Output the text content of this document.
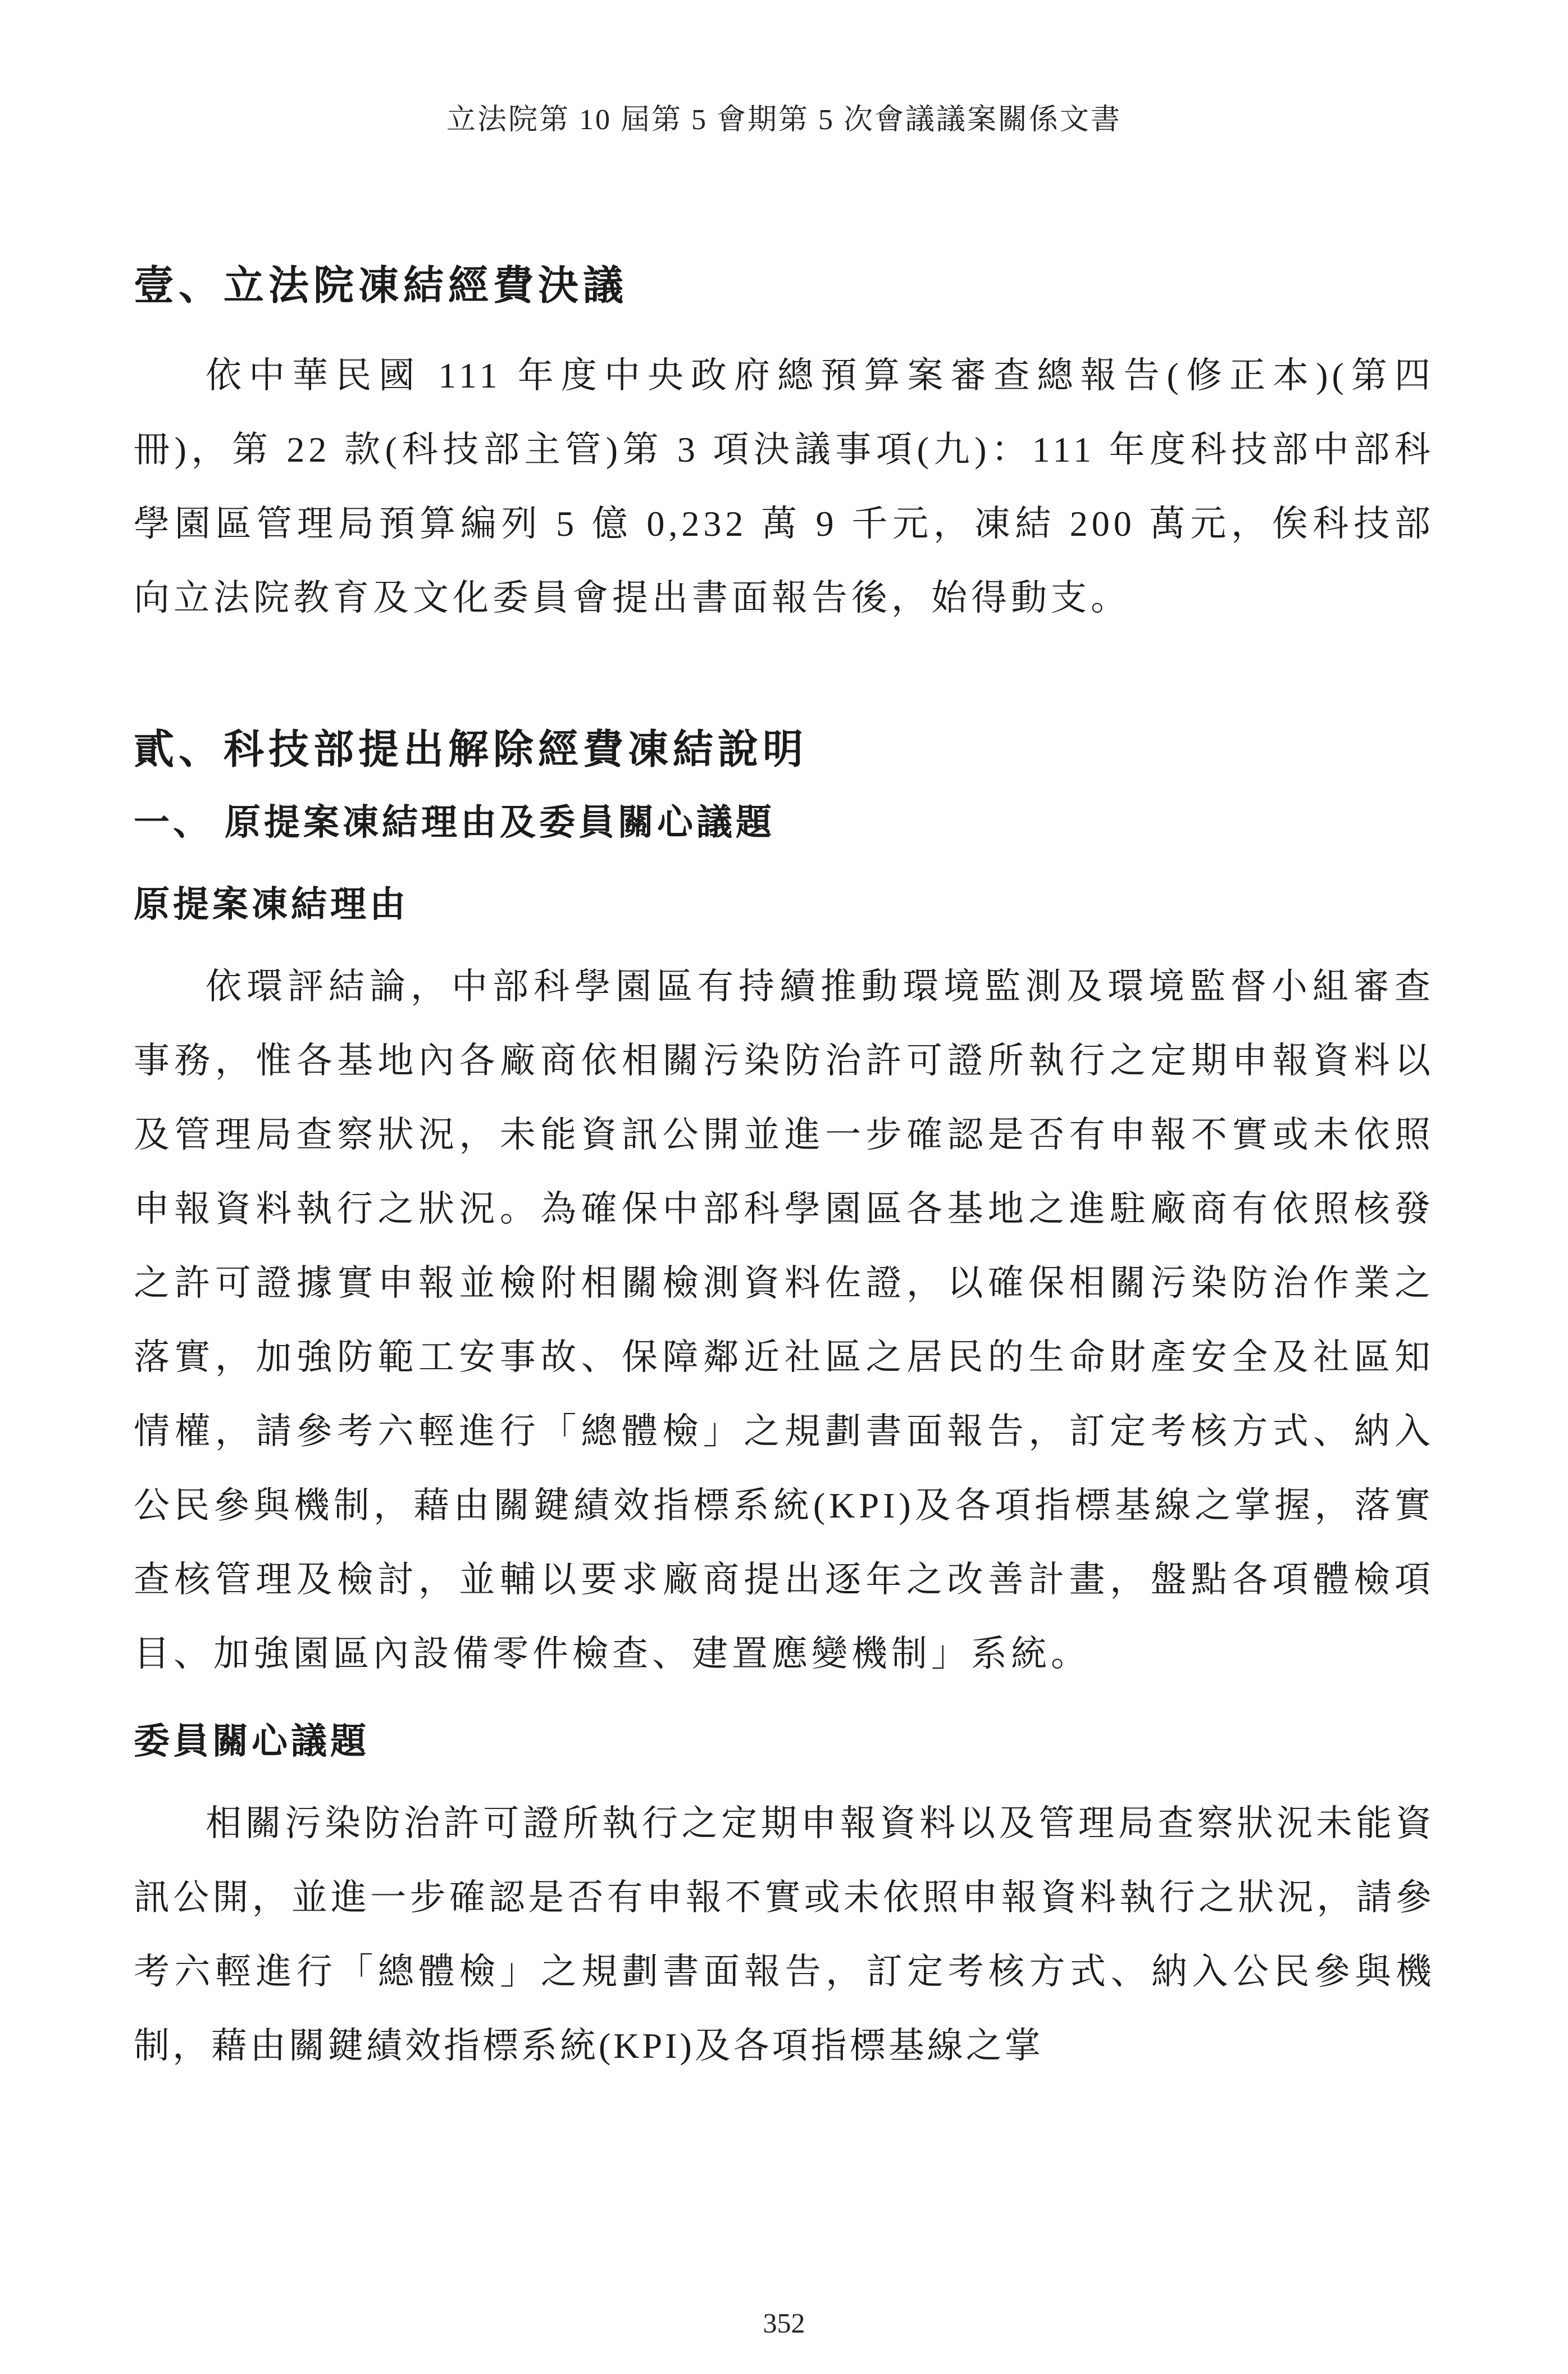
立法院第 10 屆第 5 會期第 5 次會議議案關係文書
壹、立法院凍結經費決議

依中華民國 111 年度中央政府總預算案審查總報告(修正本)(第四冊)，第 22 款(科技部主管)第 3 項決議事項(九)：111 年度科技部中部科學園區管理局預算編列 5 億 0,232 萬 9 千元，凍結 200 萬元，俟科技部向立法院教育及文化委員會提出書面報告後，始得動支。

貳、科技部提出解除經費凍結說明
一、 原提案凍結理由及委員關心議題
原提案凍結理由

依環評結論，中部科學園區有持續推動環境監測及環境監督小組審查事務，惟各基地內各廠商依相關污染防治許可證所執行之定期申報資料以及管理局查察狀況，未能資訊公開並進一步確認是否有申報不實或未依照申報資料執行之狀況。為確保中部科學園區各基地之進駐廠商有依照核發之許可證據實申報並檢附相關檢測資料佐證，以確保相關污染防治作業之落實，加強防範工安事故、保障鄰近社區之居民的生命財產安全及社區知情權，請參考六輕進行「總體檢」之規劃書面報告，訂定考核方式、納入公民參與機制，藉由關鍵績效指標系統(KPI)及各項指標基線之掌握，落實查核管理及檢討，並輔以要求廠商提出逐年之改善計畫，盤點各項體檢項目、加強園區內設備零件檢查、建置應變機制」系統。

委員關心議題

相關污染防治許可證所執行之定期申報資料以及管理局查察狀況未能資訊公開，並進一步確認是否有申報不實或未依照申報資料執行之狀況，請參考六輕進行「總體檢」之規劃書面報告，訂定考核方式、納入公民參與機制，藉由關鍵績效指標系統(KPI)及各項指標基線之掌

352
